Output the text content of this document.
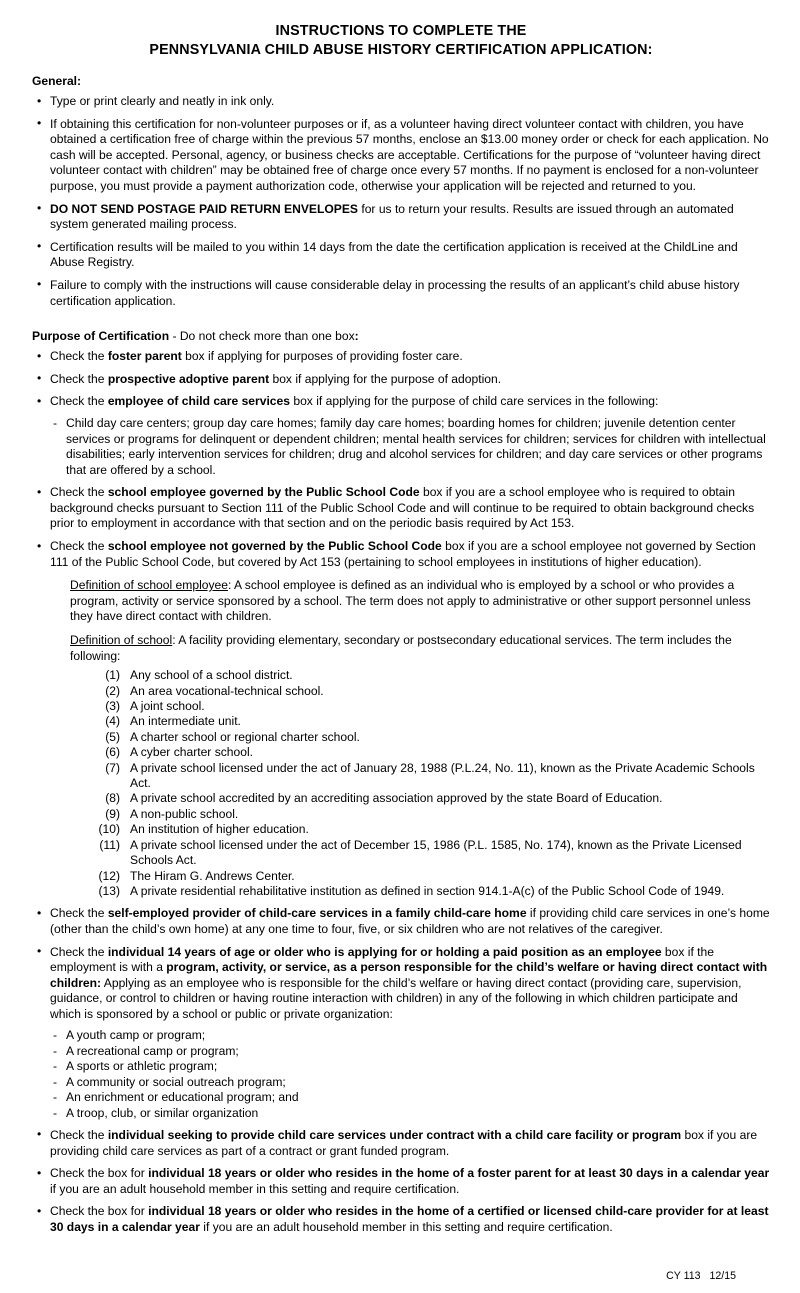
INSTRUCTIONS TO COMPLETE THE
PENNSYLVANIA CHILD ABUSE HISTORY CERTIFICATION APPLICATION:
General:
• Type or print clearly and neatly in ink only.
• If obtaining this certification for non-volunteer purposes or if, as a volunteer having direct volunteer contact with children, you have obtained a certification free of charge within the previous 57 months, enclose an $13.00 money order or check for each application. No cash will be accepted. Personal, agency, or business checks are acceptable. Certifications for the purpose of “volunteer having direct volunteer contact with children” may be obtained free of charge once every 57 months. If no payment is enclosed for a non-volunteer purpose, you must provide a payment authorization code, otherwise your application will be rejected and returned to you.
• DO NOT SEND POSTAGE PAID RETURN ENVELOPES for us to return your results. Results are issued through an automated system generated mailing process.
• Certification results will be mailed to you within 14 days from the date the certification application is received at the ChildLine and Abuse Registry.
• Failure to comply with the instructions will cause considerable delay in processing the results of an applicant’s child abuse history certification application.
Purpose of Certification - Do not check more than one box:
• Check the foster parent box if applying for purposes of providing foster care.
• Check the prospective adoptive parent box if applying for the purpose of adoption.
• Check the employee of child care services box if applying for the purpose of child care services in the following:
- Child day care centers; group day care homes; family day care homes; boarding homes for children; juvenile detention center services or programs for delinquent or dependent children; mental health services for children; services for children with intellectual disabilities; early intervention services for children; drug and alcohol services for children; and day care services or other programs that are offered by a school.
• Check the school employee governed by the Public School Code box if you are a school employee who is required to obtain background checks pursuant to Section 111 of the Public School Code and will continue to be required to obtain background checks prior to employment in accordance with that section and on the periodic basis required by Act 153.
• Check the school employee not governed by the Public School Code box if you are a school employee not governed by Section 111 of the Public School Code, but covered by Act 153 (pertaining to school employees in institutions of higher education).
Definition of school employee: A school employee is defined as an individual who is employed by a school or who provides a program, activity or service sponsored by a school. The term does not apply to administrative or other support personnel unless they have direct contact with children.
Definition of school: A facility providing elementary, secondary or postsecondary educational services. The term includes the following:
(1) Any school of a school district.
(2) An area vocational-technical school.
(3) A joint school.
(4) An intermediate unit.
(5) A charter school or regional charter school.
(6) A cyber charter school.
(7) A private school licensed under the act of January 28, 1988 (P.L.24, No. 11), known as the Private Academic Schools Act.
(8) A private school accredited by an accrediting association approved by the state Board of Education.
(9) A non-public school.
(10) An institution of higher education.
(11) A private school licensed under the act of December 15, 1986 (P.L. 1585, No. 174), known as the Private Licensed Schools Act.
(12) The Hiram G. Andrews Center.
(13) A private residential rehabilitative institution as defined in section 914.1-A(c) of the Public School Code of 1949.
• Check the self-employed provider of child-care services in a family child-care home if providing child care services in one’s home (other than the child’s own home) at any one time to four, five, or six children who are not relatives of the caregiver.
• Check the individual 14 years of age or older who is applying for or holding a paid position as an employee box if the employment is with a program, activity, or service, as a person responsible for the child’s welfare or having direct contact with children: Applying as an employee who is responsible for the child’s welfare or having direct contact (providing care, supervision, guidance, or control to children or having routine interaction with children) in any of the following in which children participate and which is sponsored by a school or public or private organization:
- A youth camp or program;
- A recreational camp or program;
- A sports or athletic program;
- A community or social outreach program;
- An enrichment or educational program; and
- A troop, club, or similar organization
• Check the individual seeking to provide child care services under contract with a child care facility or program box if you are providing child care services as part of a contract or grant funded program.
• Check the box for individual 18 years or older who resides in the home of a foster parent for at least 30 days in a calendar year if you are an adult household member in this setting and require certification.
• Check the box for individual 18 years or older who resides in the home of a certified or licensed child-care provider for at least 30 days in a calendar year if you are an adult household member in this setting and require certification.
CY 113 12/15
